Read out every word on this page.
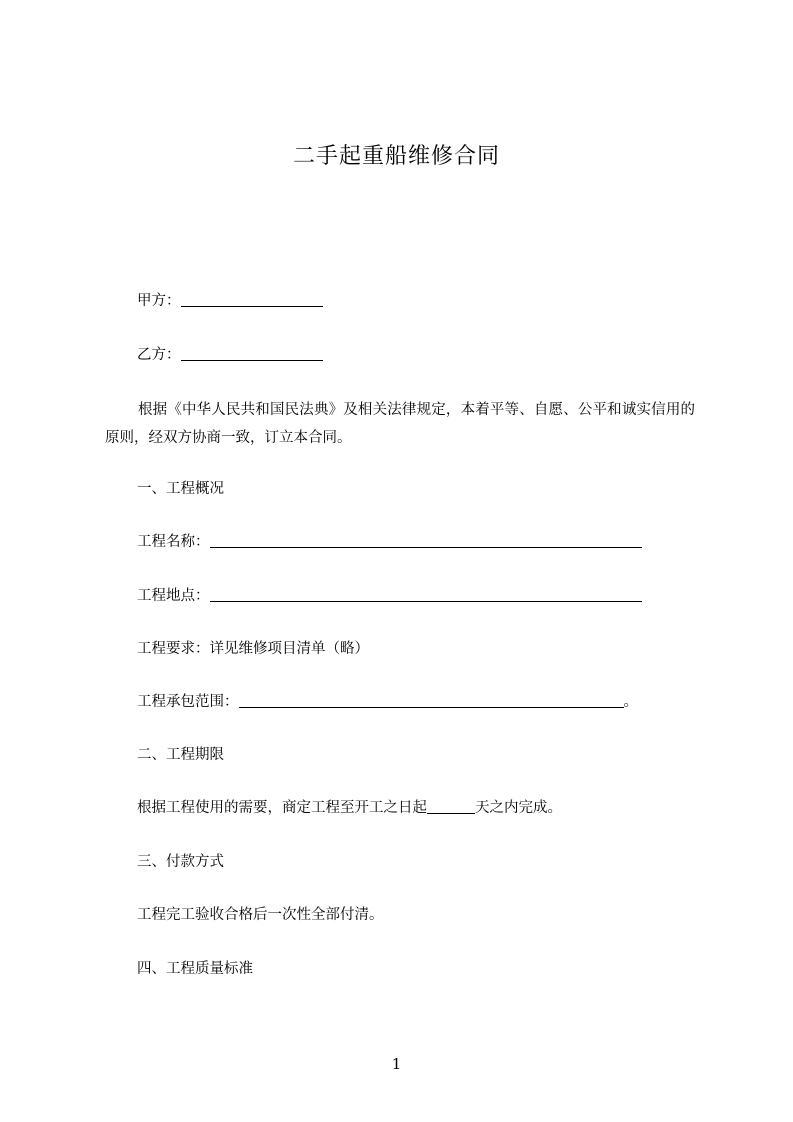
二手起重船维修合同
甲方：
乙方：
根据《中华人民共和国民法典》及相关法律规定，本着平等、自愿、公平和诚实信用的原则，经双方协商一致，订立本合同。
一、工程概况
工程名称：
工程地点：
工程要求：详见维修项目清单（略）
工程承包范围：	。
二、工程期限
根据工程使用的需要，商定工程至开工之日起	天之内完成。
三、付款方式
工程完工验收合格后一次性全部付清。
四、工程质量标准
1
